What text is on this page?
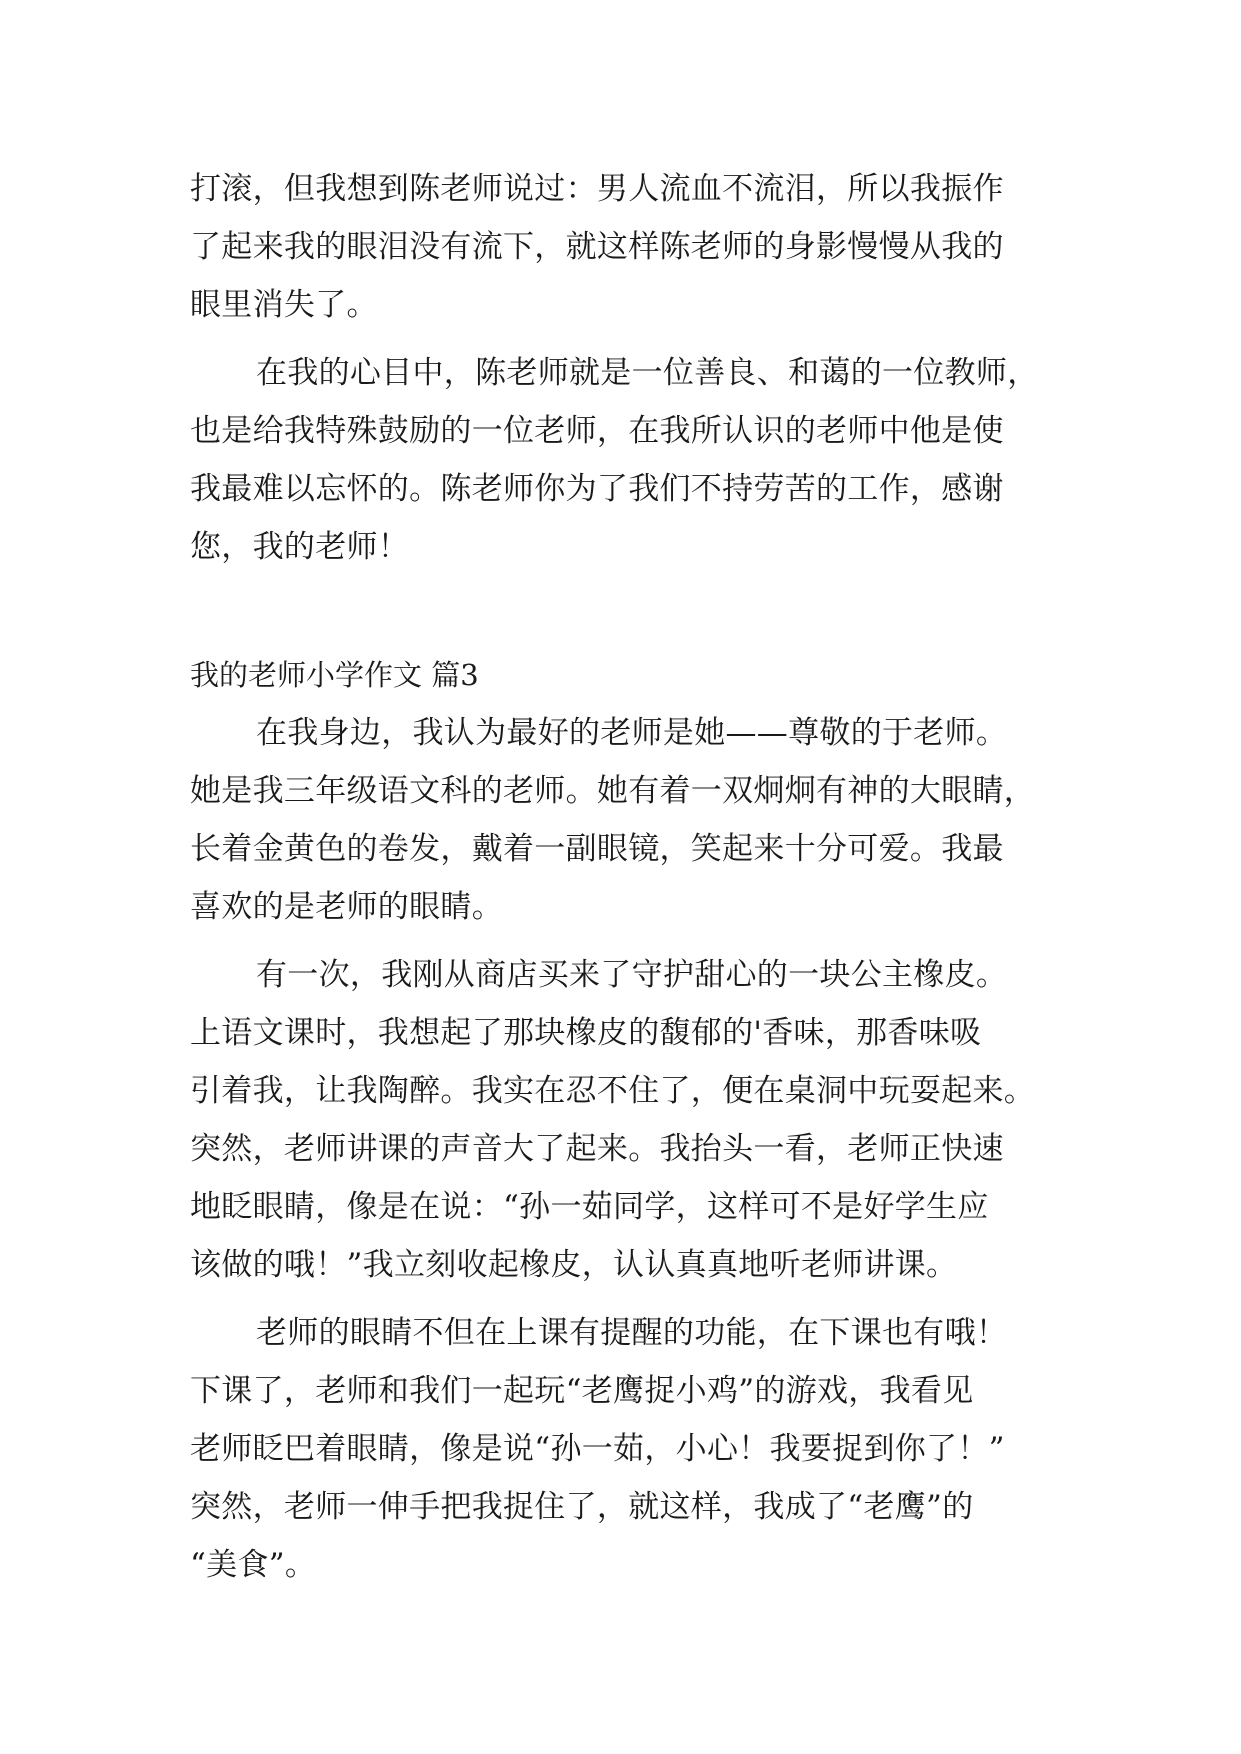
打滚，但我想到陈老师说过：男人流血不流泪，所以我振作
了起来我的眼泪没有流下，就这样陈老师的身影慢慢从我的
眼里消失了。
在我的心目中，陈老师就是一位善良、和蔼的一位教师，
也是给我特殊鼓励的一位老师，在我所认识的老师中他是使
我最难以忘怀的。陈老师你为了我们不持劳苦的工作，感谢
您，我的老师！
我的老师小学作文 篇3
在我身边，我认为最好的老师是她——尊敬的于老师。
她是我三年级语文科的老师。她有着一双炯炯有神的大眼睛，
长着金黄色的卷发，戴着一副眼镜，笑起来十分可爱。我最
喜欢的是老师的眼睛。
有一次，我刚从商店买来了守护甜心的一块公主橡皮。
上语文课时，我想起了那块橡皮的馥郁的'香味，那香味吸
引着我，让我陶醉。我实在忍不住了，便在桌洞中玩耍起来。
突然，老师讲课的声音大了起来。我抬头一看，老师正快速
地眨眼睛，像是在说：“孙一茹同学，这样可不是好学生应
该做的哦！”我立刻收起橡皮，认认真真地听老师讲课。
老师的眼睛不但在上课有提醒的功能，在下课也有哦！
下课了，老师和我们一起玩“老鹰捉小鸡”的游戏，我看见
老师眨巴着眼睛，像是说“孙一茹，小心！我要捉到你了！”
突然，老师一伸手把我捉住了，就这样，我成了“老鹰”的
“美食”。
